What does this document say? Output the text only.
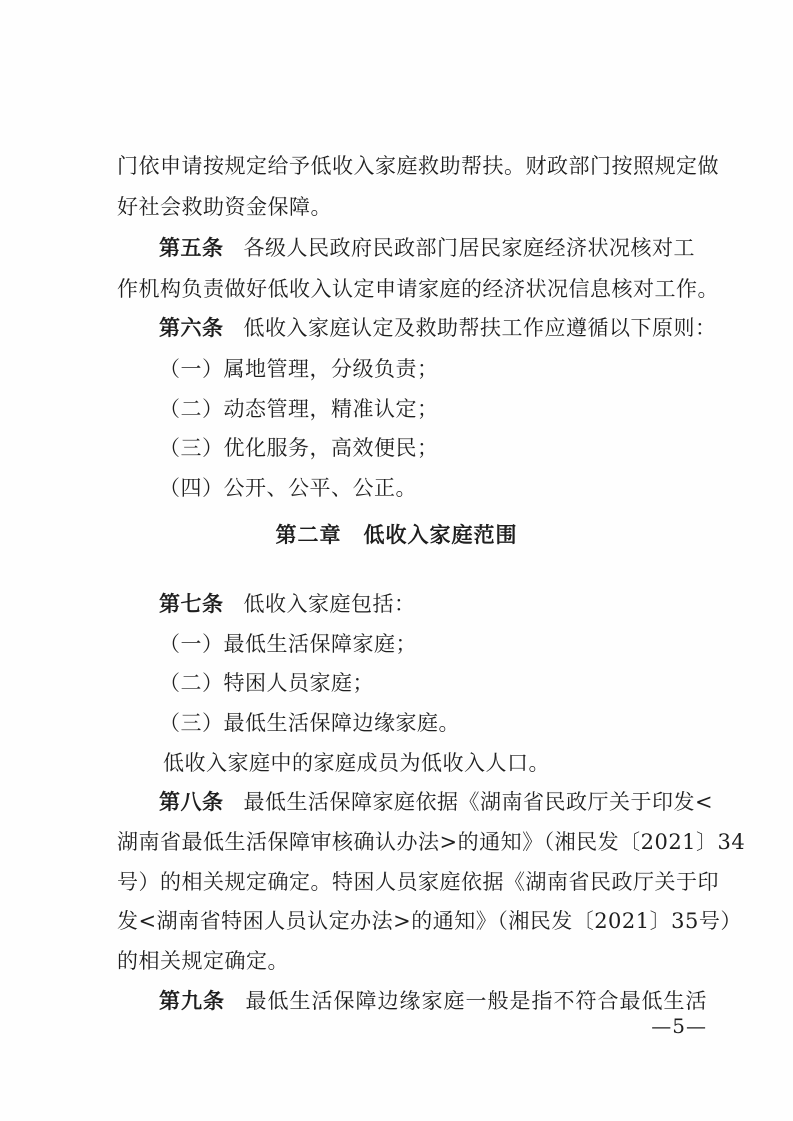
门依申请按规定给予低收入家庭救助帮扶。财政部门按照规定做
好社会救助资金保障。
第五条 各级人民政府民政部门居民家庭经济状况核对工
作机构负责做好低收入认定申请家庭的经济状况信息核对工作。
第六条 低收入家庭认定及救助帮扶工作应遵循以下原则：
（一）属地管理，分级负责；
（二）动态管理，精准认定；
（三）优化服务，高效便民；
（四）公开、公平、公正。
第二章　低收入家庭范围
第七条 低收入家庭包括：
（一）最低生活保障家庭；
（二）特困人员家庭；
（三）最低生活保障边缘家庭。
低收入家庭中的家庭成员为低收入人口。
第八条 最低生活保障家庭依据《湖南省民政厅关于印发<
湖南省最低生活保障审核确认办法>的通知》（湘民发〔2021〕34
号）的相关规定确定。特困人员家庭依据《湖南省民政厅关于印
发<湖南省特困人员认定办法>的通知》（湘民发〔2021〕35号）
的相关规定确定。
第九条 最低生活保障边缘家庭一般是指不符合最低生活
—5—
